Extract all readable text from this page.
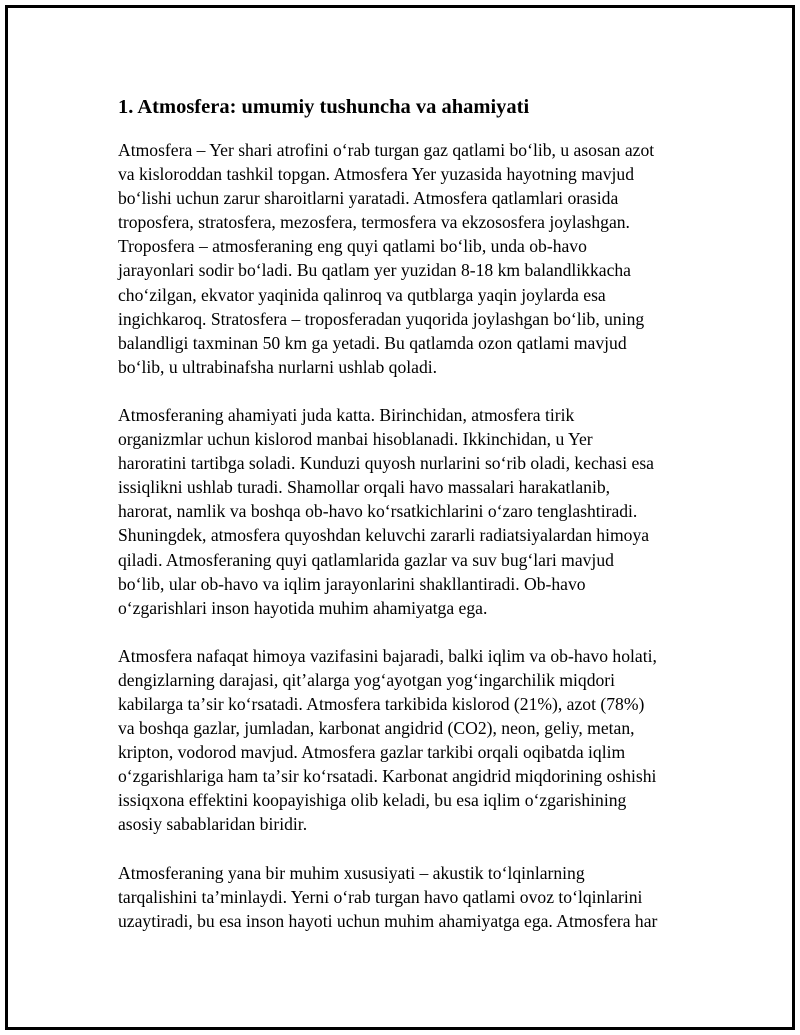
1. Atmosfera: umumiy tushuncha va ahamiyati

Atmosfera – Yer shari atrofini oʻrab turgan gaz qatlami boʻlib, u asosan azot
va kisloroddan tashkil topgan. Atmosfera Yer yuzasida hayotning mavjud
boʻlishi uchun zarur sharoitlarni yaratadi. Atmosfera qatlamlari orasida
troposfera, stratosfera, mezosfera, termosfera va ekzososfera joylashgan.
Troposfera – atmosferaning eng quyi qatlami boʻlib, unda ob-havo
jarayonlari sodir boʻladi. Bu qatlam yer yuzidan 8-18 km balandlikkacha
choʻzilgan, ekvator yaqinida qalinroq va qutblarga yaqin joylarda esa
ingichkaroq. Stratosfera – troposferadan yuqorida joylashgan boʻlib, uning
balandligi taxminan 50 km ga yetadi. Bu qatlamda ozon qatlami mavjud
boʻlib, u ultrabinafsha nurlarni ushlab qoladi.

Atmosferaning ahamiyati juda katta. Birinchidan, atmosfera tirik
organizmlar uchun kislorod manbai hisoblanadi. Ikkinchidan, u Yer
haroratini tartibga soladi. Kunduzi quyosh nurlarini soʻrib oladi, kechasi esa
issiqlikni ushlab turadi. Shamollar orqali havo massalari harakatlanib,
harorat, namlik va boshqa ob-havo koʻrsatkichlarini oʻzaro tenglashtiradi.
Shuningdek, atmosfera quyoshdan keluvchi zararli radiatsiyalardan himoya
qiladi. Atmosferaning quyi qatlamlarida gazlar va suv bugʻlari mavjud
boʻlib, ular ob-havo va iqlim jarayonlarini shakllantiradi. Ob-havo
oʻzgarishlari inson hayotida muhim ahamiyatga ega.

Atmosfera nafaqat himoya vazifasini bajaradi, balki iqlim va ob-havo holati,
dengizlarning darajasi, qitʼalarga yogʻayotgan yogʻingarchilik miqdori
kabilarga taʼsir koʻrsatadi. Atmosfera tarkibida kislorod (21%), azot (78%)
va boshqa gazlar, jumladan, karbonat angidrid (CO2), neon, geliy, metan,
kripton, vodorod mavjud. Atmosfera gazlar tarkibi orqali oqibatda iqlim
oʻzgarishlariga ham taʼsir koʻrsatadi. Karbonat angidrid miqdorining oshishi
issiqxona effektini koopayishiga olib keladi, bu esa iqlim oʻzgarishining
asosiy sabablaridan biridir.

Atmosferaning yana bir muhim xususiyati – akustik toʻlqinlarning
tarqalishini taʼminlaydi. Yerni oʻrab turgan havo qatlami ovoz toʻlqinlarini
uzaytiradi, bu esa inson hayoti uchun muhim ahamiyatga ega. Atmosfera har
